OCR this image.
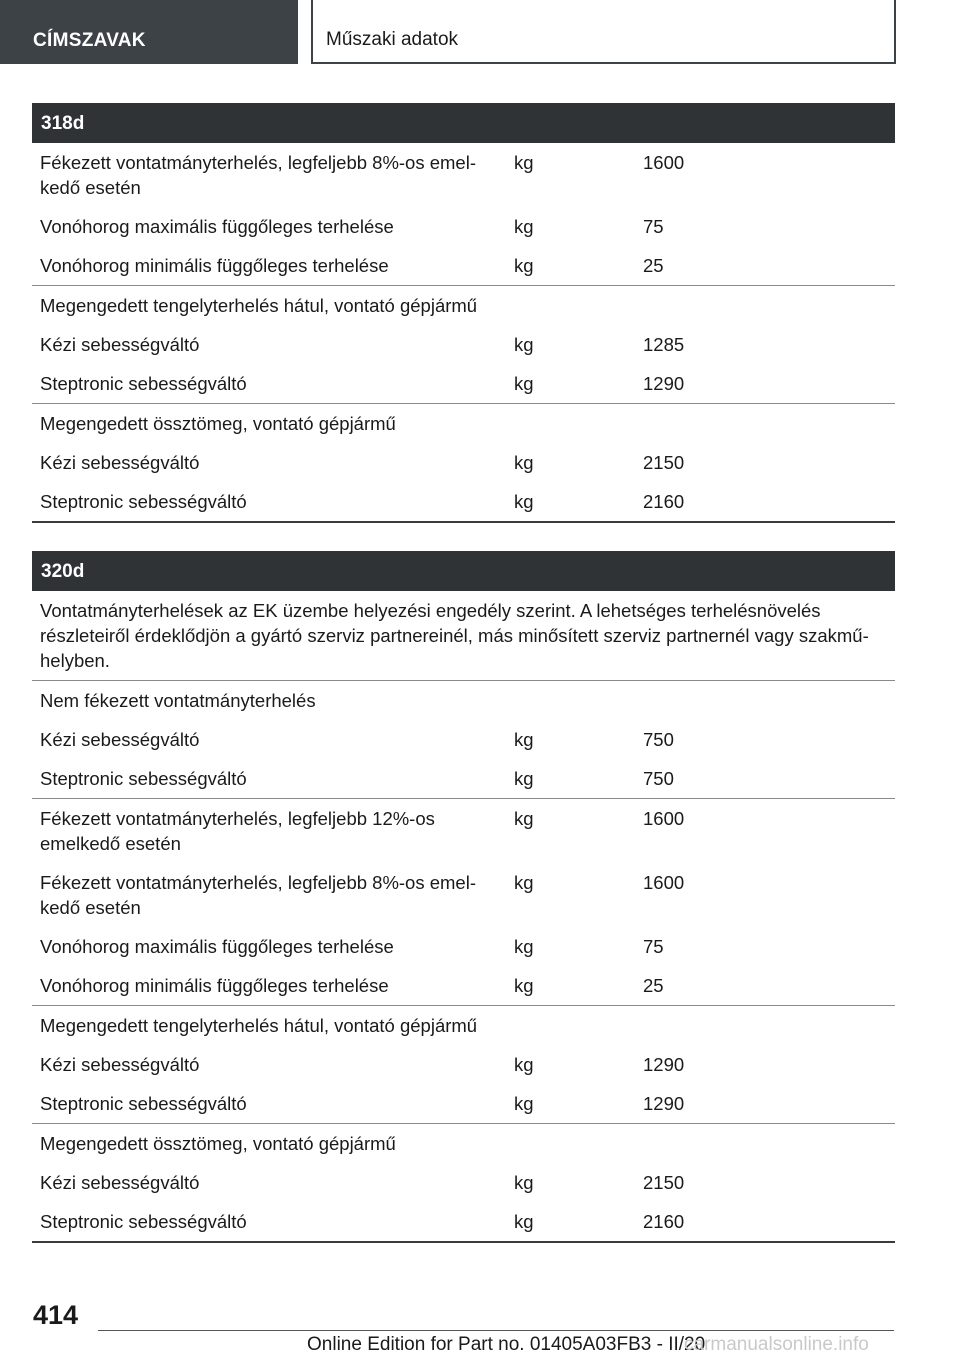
CÍMSZAVAK	Műszaki adatok
318d		
Fékezett vontatmányterhelés, legfeljebb 8%-os emel-
kedő esetén	kg	1600
Vonóhorog maximális függőleges terhelése	kg	75
Vonóhorog minimális függőleges terhelése	kg	25
Megengedett tengelyterhelés hátul, vontató gépjármű		
Kézi sebességváltó	kg	1285
Steptronic sebességváltó	kg	1290
Megengedett össztömeg, vontató gépjármű		
Kézi sebességváltó	kg	2150
Steptronic sebességváltó	kg	2160
320d		
Vontatmányterhelések az EK üzembe helyezési engedély szerint. A lehetséges terhelésnövelés részleteiről érdeklődjön a gyártó szerviz partnereinél, más minősített szerviz partnernél vagy szakmű-helyben.		
Nem fékezett vontatmányterhelés		
Kézi sebességváltó	kg	750
Steptronic sebességváltó	kg	750
Fékezett vontatmányterhelés, legfeljebb 12%-os
emelkedő esetén	kg	1600
Fékezett vontatmányterhelés, legfeljebb 8%-os emel-
kedő esetén	kg	1600
Vonóhorog maximális függőleges terhelése	kg	75
Vonóhorog minimális függőleges terhelése	kg	25
Megengedett tengelyterhelés hátul, vontató gépjármű		
Kézi sebességváltó	kg	1290
Steptronic sebességváltó	kg	1290
Megengedett össztömeg, vontató gépjármű		
Kézi sebességváltó	kg	2150
Steptronic sebességváltó	kg	2160
414
Online Edition for Part no. 01405A03FB3 - II/20
carmanualsonline.info
